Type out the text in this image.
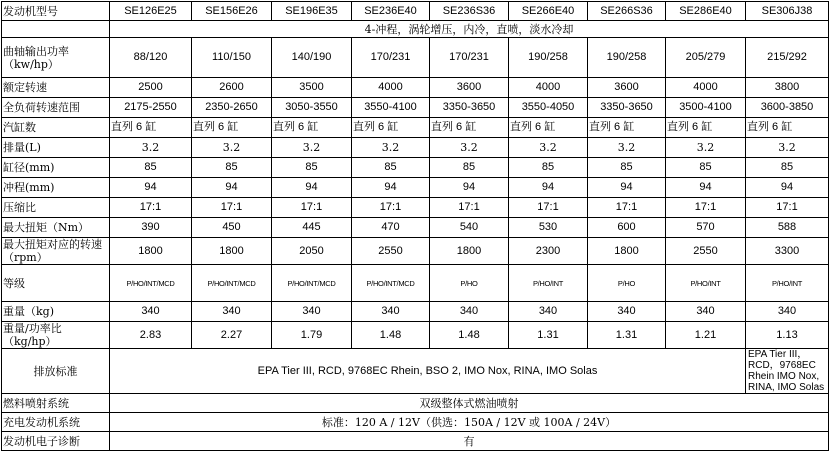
发动机型号	SE126E25	SE156E26	SE196E35	SE236E40	SE236S36	SE266E40	SE266S36	SE286E40	SE306J38
	4-冲程，涡轮增压，内冷，直喷，淡水冷却								
曲轴输出功率（kw/hp）	88/120	110/150	140/190	170/231	170/231	190/258	190/258	205/279	215/292
额定转速	2500	2600	3500	4000	3600	4000	3600	4000	3800
全负荷转速范围	2175-2550	2350-2650	3050-3550	3550-4100	3350-3650	3550-4050	3350-3650	3500-4100	3600-3850
汽缸数	直列 6 缸	直列 6 缸	直列 6 缸	直列 6 缸	直列 6 缸	直列 6 缸	直列 6 缸	直列 6 缸	直列 6 缸
排量(L)	3.2	3.2	3.2	3.2	3.2	3.2	3.2	3.2	3.2
缸径(mm)	85	85	85	85	85	85	85	85	85
冲程(mm)	94	94	94	94	94	94	94	94	94
压缩比	17:1	17:1	17:1	17:1	17:1	17:1	17:1	17:1	17:1
最大扭矩（Nm）	390	450	445	470	540	530	600	570	588
最大扭矩对应的转速（rpm）	1800	1800	2050	2550	1800	2300	1800	2550	3300
等级	P/HO/INT/MCD	P/HO/INT/MCD	P/HO/INT/MCD	P/HO/INT/MCD	P/HO	P/HO/INT	P/HO	P/HO/INT	P/HO/INT
重量（kg)	340	340	340	340	340	340	340	340	340
重量/功率比（kg/hp）	2.83	2.27	1.79	1.48	1.48	1.31	1.31	1.21	1.13
排放标准	EPA Tier III, RCD, 9768EC Rhein, BSO 2, IMO Nox, RINA, IMO Solas								EPA Tier III，RCD，9768EC Rhein IMO Nox, RINA, IMO Solas
燃料喷射系统	双级整体式燃油喷射								
充电发动机系统	标准：120 A / 12V（供选：150A / 12V 或 100A / 24V）								
发动机电子诊断	有								
